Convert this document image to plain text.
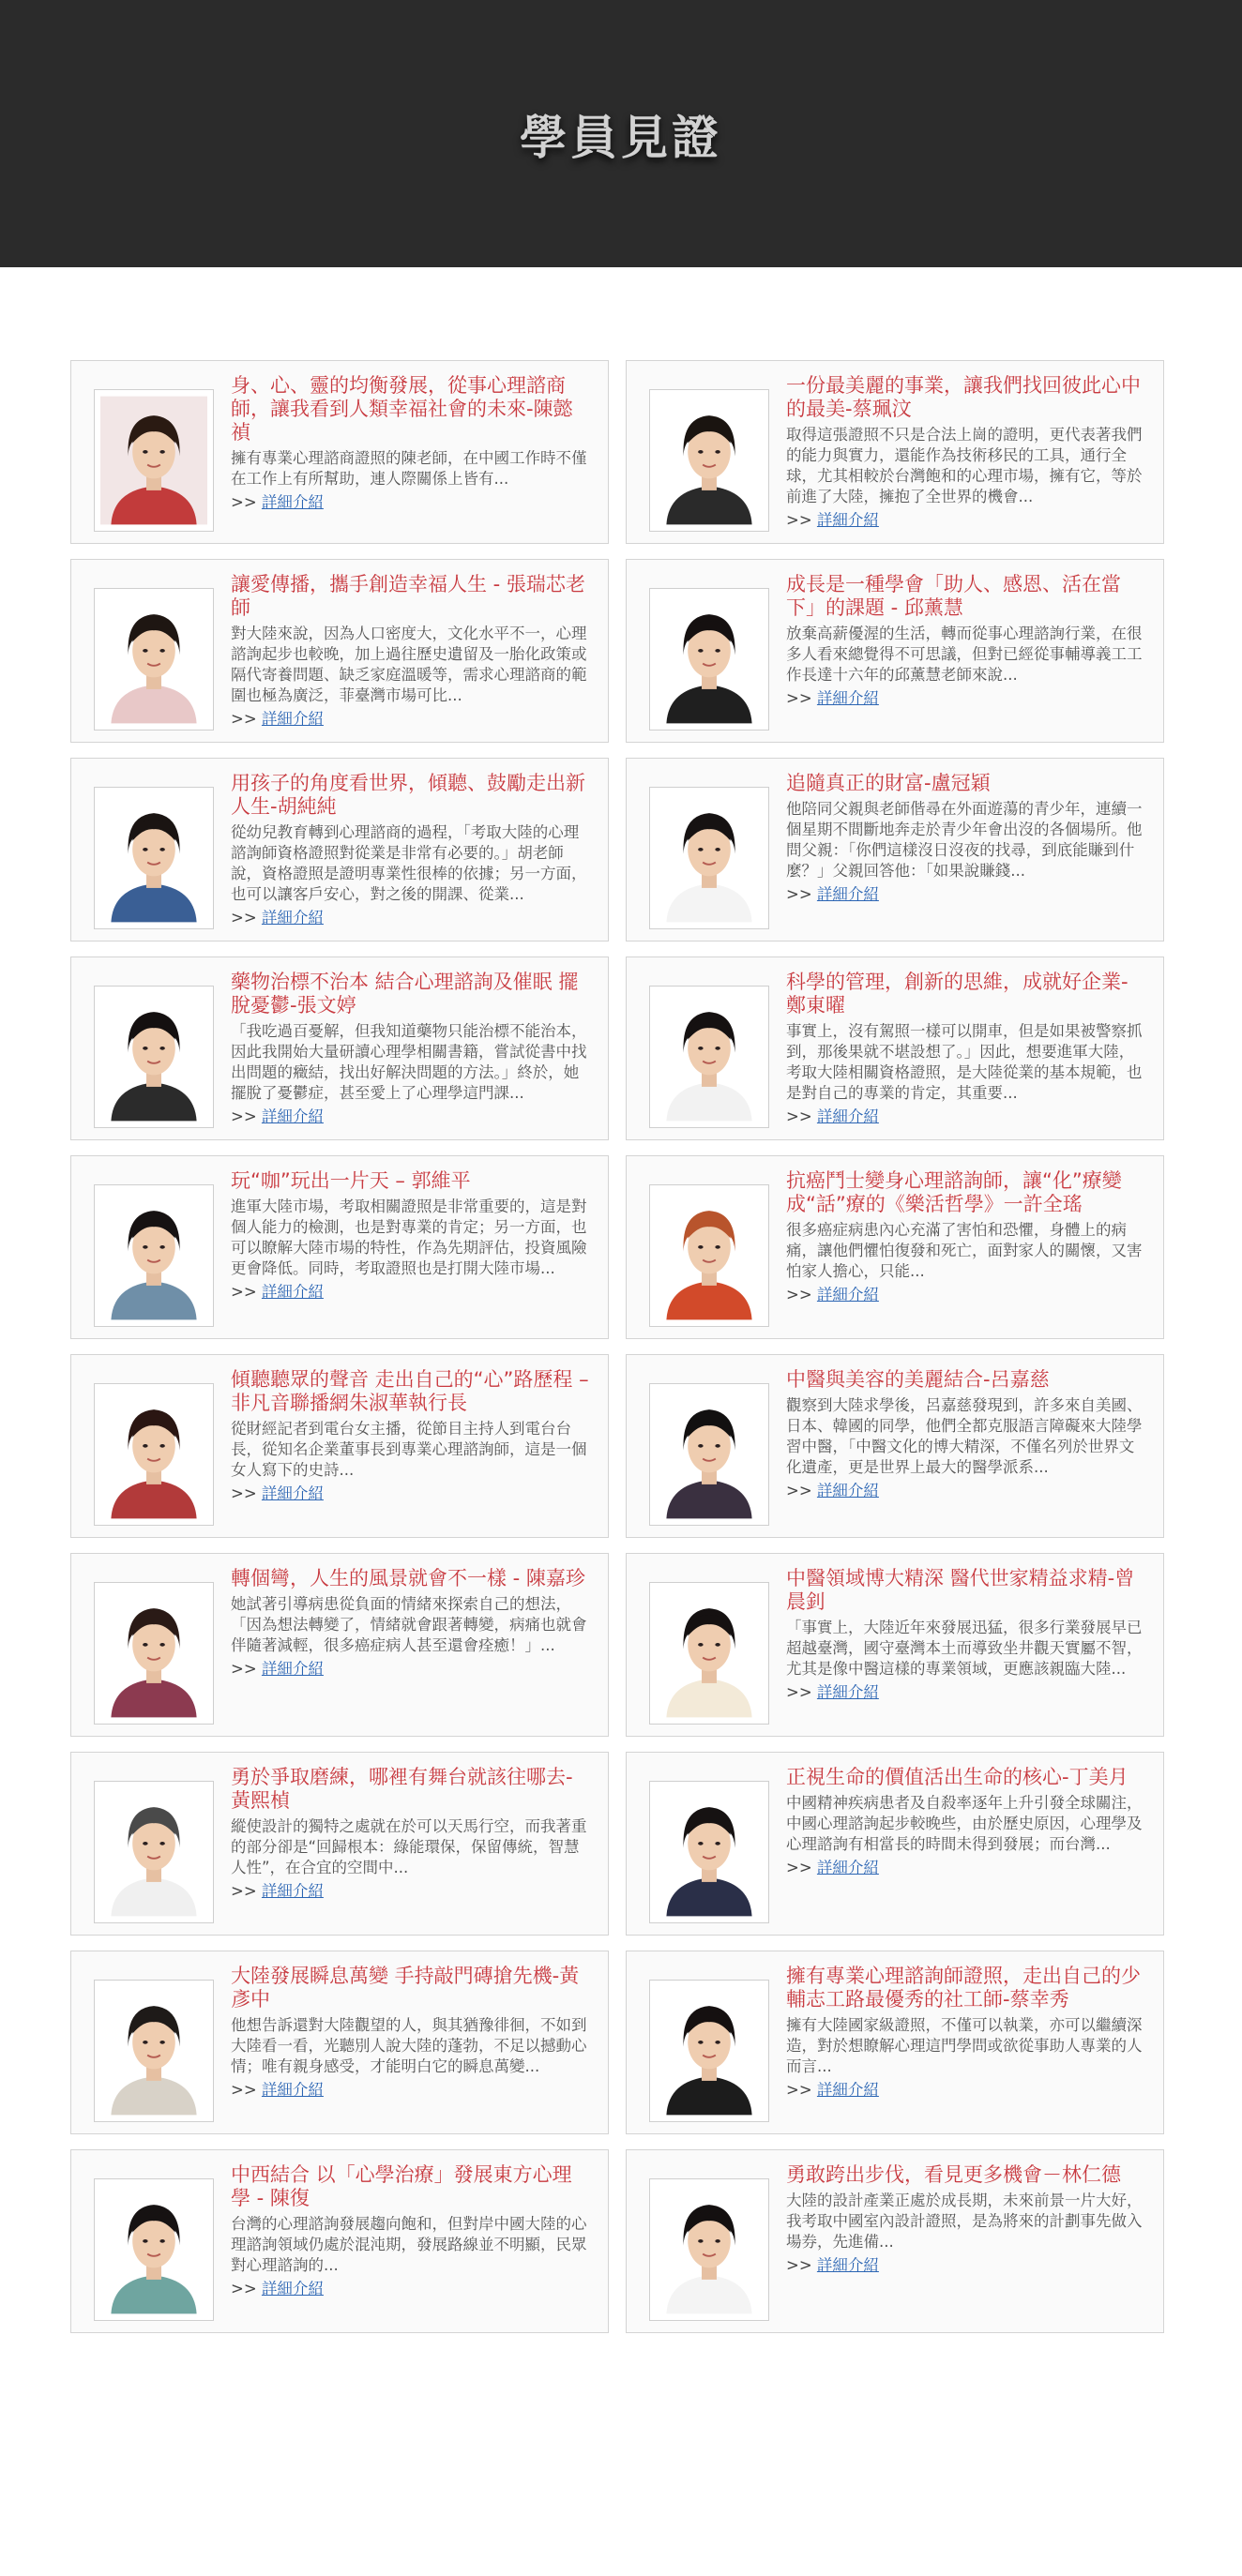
學員見證
身、心、靈的均衡發展，從事心理諮商師，讓我看到人類幸福社會的未來-陳懿禎
擁有專業心理諮商證照的陳老師，在中國工作時不僅在工作上有所幫助，連人際關係上皆有...
>> 詳細介紹
一份最美麗的事業，讓我們找回彼此心中的最美-蔡珮汶
取得這張證照不只是合法上崗的證明，更代表著我們的能力與實力，還能作為技術移民的工具，通行全球，尤其相較於台灣飽和的心理市場，擁有它，等於前進了大陸，擁抱了全世界的機會...
>> 詳細介紹
讓愛傳播，攜手創造幸福人生 - 張瑞芯老師
對大陸來說，因為人口密度大，文化水平不一，心理諮詢起步也較晚，加上過往歷史遺留及一胎化政策或隔代寄養問題、缺乏家庭溫暖等，需求心理諮商的範圍也極為廣泛，菲臺灣市場可比...
>> 詳細介紹
成長是一種學會「助人、感恩、活在當下」的課題 - 邱薰慧
放棄高薪優渥的生活，轉而從事心理諮詢行業，在很多人看來總覺得不可思議，但對已經從事輔導義工工作長達十六年的邱薰慧老師來說...
>> 詳細介紹
用孩子的角度看世界，傾聽、鼓勵走出新人生-胡純純
從幼兒教育轉到心理諮商的過程，「考取大陸的心理諮詢師資格證照對從業是非常有必要的。」胡老師說，資格證照是證明專業性很棒的依據；另一方面，也可以讓客戶安心，對之後的開課、從業...
>> 詳細介紹
追隨真正的財富-盧冠穎
他陪同父親與老師偕尋在外面遊蕩的青少年，連續一個星期不間斷地奔走於青少年會出沒的各個場所。他問父親：「你們這樣沒日沒夜的找尋，到底能賺到什麼？」父親回答他：「如果說賺錢...
>> 詳細介紹
藥物治標不治本 結合心理諮詢及催眠 擺脫憂鬱-張文婷
「我吃過百憂解，但我知道藥物只能治標不能治本，因此我開始大量研讀心理學相關書籍，嘗試從書中找出問題的癥結，找出好解決問題的方法。」終於，她擺脫了憂鬱症，甚至愛上了心理學這門課...
>> 詳細介紹
科學的管理，創新的思維，成就好企業-鄭東曜
事實上，沒有駕照一樣可以開車，但是如果被警察抓到，那後果就不堪設想了。」因此，想要進軍大陸，考取大陸相關資格證照，是大陸從業的基本規範，也是對自己的專業的肯定，其重要...
>> 詳細介紹
玩“咖”玩出一片天 – 郭維平
進軍大陸市場，考取相關證照是非常重要的，這是對個人能力的檢測，也是對專業的肯定；另一方面，也可以瞭解大陸市場的特性，作為先期評估，投資風險更會降低。同時，考取證照也是打開大陸市場...
>> 詳細介紹
抗癌鬥士變身心理諮詢師，讓“化”療變成“話”療的《樂活哲學》一許全瑤
很多癌症病患內心充滿了害怕和恐懼，身體上的病痛，讓他們懼怕復發和死亡，面對家人的關懷，又害怕家人擔心，只能...
>> 詳細介紹
傾聽聽眾的聲音 走出自己的“心”路歷程 – 非凡音聯播網朱淑華執行長
從財經記者到電台女主播，從節目主持人到電台台長，從知名企業董事長到專業心理諮詢師，這是一個女人寫下的史詩...
>> 詳細介紹
中醫與美容的美麗結合-呂嘉慈
觀察到大陸求學後，呂嘉慈發現到，許多來自美國、日本、韓國的同學，他們全都克服語言障礙來大陸學習中醫，「中醫文化的博大精深，不僅名列於世界文化遺產，更是世界上最大的醫學派系...
>> 詳細介紹
轉個彎，人生的風景就會不一樣 - 陳嘉珍
她試著引導病患從負面的情緒來探索自己的想法，「因為想法轉變了，情緒就會跟著轉變，病痛也就會伴隨著減輕，很多癌症病人甚至還會痊癒！」...
>> 詳細介紹
中醫領域博大精深 醫代世家精益求精-曾晨釗
「事實上，大陸近年來發展迅猛，很多行業發展早已超越臺灣，國守臺灣本土而導致坐井觀天實屬不智，尤其是像中醫這樣的專業領域，更應該親臨大陸...
>> 詳細介紹
勇於爭取磨練，哪裡有舞台就該往哪去-黃熙楨
縱使設計的獨特之處就在於可以天馬行空，而我著重的部分卻是“回歸根本：綠能環保，保留傳統，智慧人性”，在合宜的空間中...
>> 詳細介紹
正視生命的價值活出生命的核心-丁美月
中國精神疾病患者及自殺率逐年上升引發全球關注，中國心理諮詢起步較晚些，由於歷史原因，心理學及心理諮詢有相當長的時間未得到發展；而台灣...
>> 詳細介紹
大陸發展瞬息萬變 手持敲門磚搶先機-黃彥中
他想告訴還對大陸觀望的人，與其猶豫徘徊，不如到大陸看一看，光聽別人說大陸的蓬勃，不足以撼動心情；唯有親身感受，才能明白它的瞬息萬變...
>> 詳細介紹
擁有專業心理諮詢師證照，走出自己的少輔志工路最優秀的社工師-蔡幸秀
擁有大陸國家級證照，不僅可以執業，亦可以繼續深造，對於想瞭解心理這門學問或欲從事助人專業的人而言...
>> 詳細介紹
中西結合 以「心學治療」發展東方心理學 - 陳復
台灣的心理諮詢發展趨向飽和，但對岸中國大陸的心理諮詢領域仍處於混沌期，發展路線並不明顯，民眾對心理諮詢的...
>> 詳細介紹
勇敢跨出步伐，看見更多機會－林仁德
大陸的設計產業正處於成長期，未來前景一片大好，我考取中國室內設計證照，是為將來的計劃事先做入場券，先進備...
>> 詳細介紹
